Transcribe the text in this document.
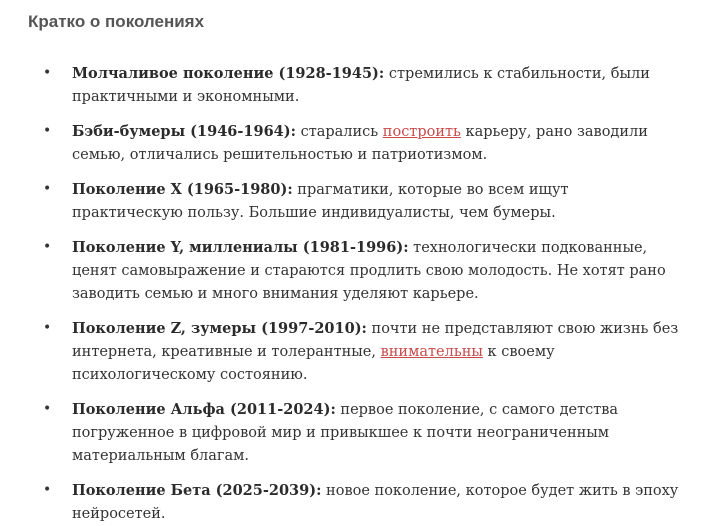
Кратко о поколениях
• Молчаливое поколение (1928-1945): стремились к стабильности, были практичными и экономными.
• Бэби-бумеры (1946-1964): старались построить карьеру, рано заводили семью, отличались решительностью и патриотизмом.
• Поколение X (1965-1980): прагматики, которые во всем ищут практическую пользу. Большие индивидуалисты, чем бумеры.
• Поколение Y, миллениалы (1981-1996): технологически подкованные, ценят самовыражение и стараются продлить свою молодость. Не хотят рано заводить семью и много внимания уделяют карьере.
• Поколение Z, зумеры (1997-2010): почти не представляют свою жизнь без интернета, креативные и толерантные, внимательны к своему психологическому состоянию.
• Поколение Альфа (2011-2024): первое поколение, с самого детства погруженное в цифровой мир и привыкшее к почти неограниченным материальным благам.
• Поколение Бета (2025-2039): новое поколение, которое будет жить в эпоху нейросетей.
